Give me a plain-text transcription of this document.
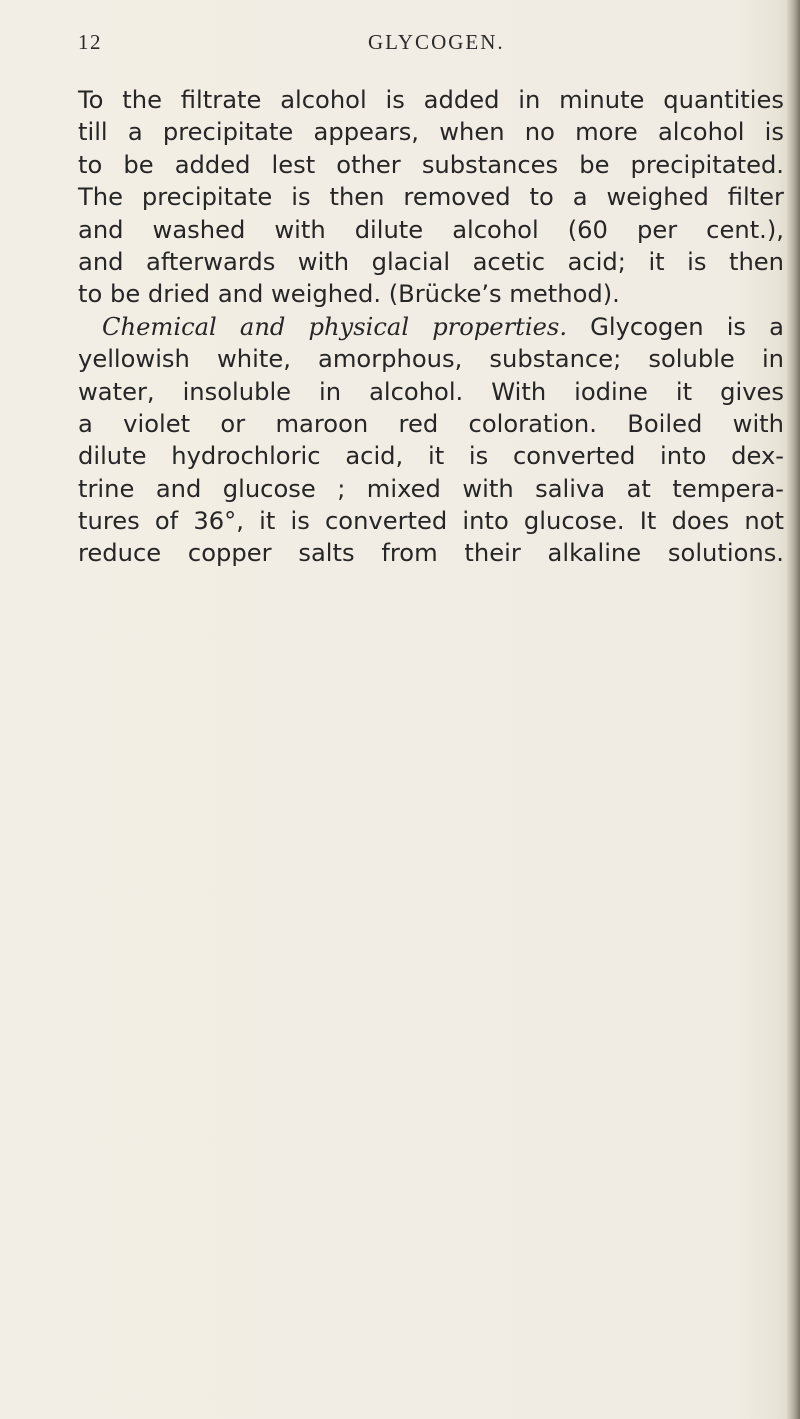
12	GLYCOGEN.
To the filtrate alcohol is added in minute quantities
till a precipitate appears, when no more alcohol is
to be added lest other substances be precipitated.
The precipitate is then removed to a weighed filter
and washed with dilute alcohol (60 per cent.),
and afterwards with glacial acetic acid; it is then
to be dried and weighed. (Brücke’s method).
Chemical and physical properties. Glycogen is a
yellowish white, amorphous, substance; soluble in
water, insoluble in alcohol. With iodine it gives
a violet or maroon red coloration. Boiled with
dilute hydrochloric acid, it is converted into dex-
trine and glucose ; mixed with saliva at tempera-
tures of 36°, it is converted into glucose. It does not
reduce copper salts from their alkaline solutions.
